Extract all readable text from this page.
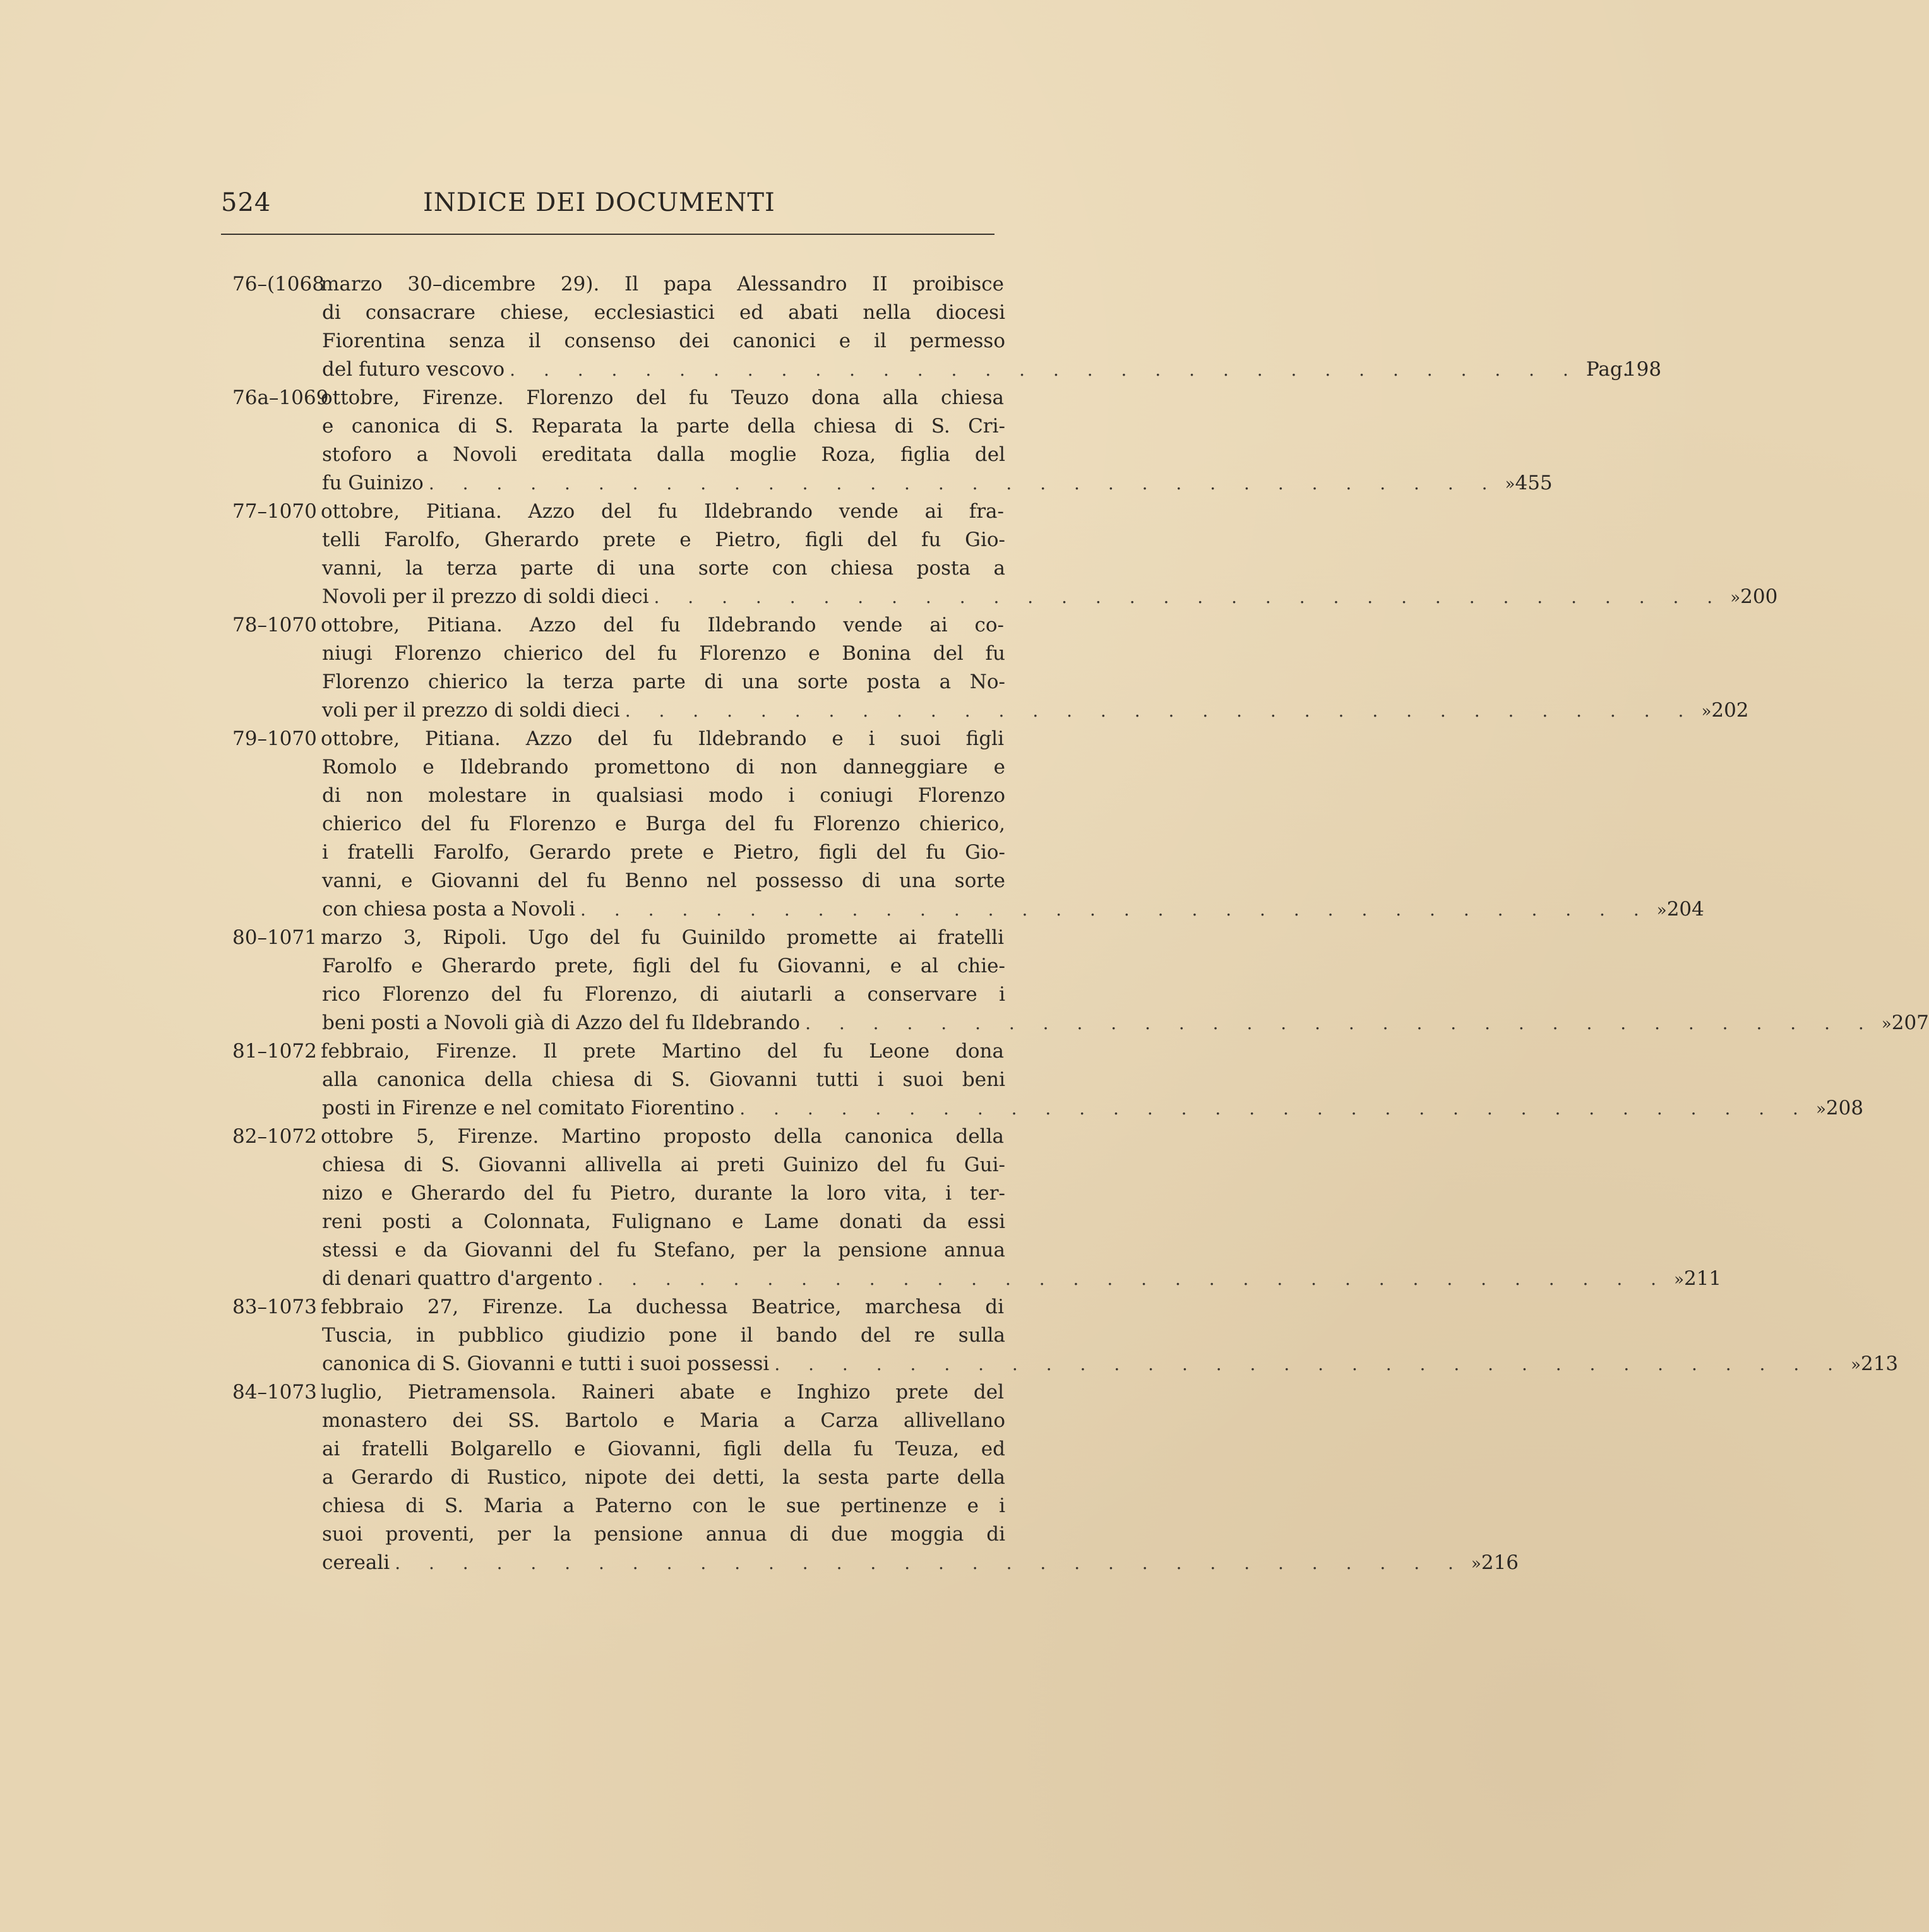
524	INDICE DEI DOCUMENTI
76–(1068
marzo 30–dicembre 29). Il papa Alessandro II proibisce
di consacrare chiese, ecclesiastici ed abati nella diocesi
Fiorentina senza il consenso dei canonici e il permesso
del futuro vescovo . . . . . . . . . . . . . . . . . . . . . . . . . . . . . . . . Pag.
198
76a–1069
ottobre, Firenze. Florenzo del fu Teuzo dona alla chiesa
e canonica di S. Reparata la parte della chiesa di S. Cri-
stoforo a Novoli ereditata dalla moglie Roza, figlia del
fu Guinizo . . . . . . . . . . . . . . . . . . . . . . . . . . . . . . . . » 455
77–1070 ottobre, Pitiana. Azzo del fu Ildebrando vende ai fra-
telli Farolfo, Gherardo prete e Pietro, figli del fu Gio-
vanni, la terza parte di una sorte con chiesa posta a
Novoli per il prezzo di soldi dieci . . . . . . . . . . . . . . . . . . . . . . . . . . . . . . . . » 200
78–1070 ottobre, Pitiana. Azzo del fu Ildebrando vende ai co-
niugi Florenzo chierico del fu Florenzo e Bonina del fu
Florenzo chierico la terza parte di una sorte posta a No-
voli per il prezzo di soldi dieci . . . . . . . . . . . . . . . . . . . . . . . . . . . . . . . . » 202
79–1070 ottobre, Pitiana. Azzo del fu Ildebrando e i suoi figli
Romolo e Ildebrando promettono di non danneggiare e
di non molestare in qualsiasi modo i coniugi Florenzo
chierico del fu Florenzo e Burga del fu Florenzo chierico,
i fratelli Farolfo, Gerardo prete e Pietro, figli del fu Gio-
vanni, e Giovanni del fu Benno nel possesso di una sorte
con chiesa posta a Novoli . . . . . . . . . . . . . . . . . . . . . . . . . . . . . . . . » 204
80–1071 marzo 3, Ripoli. Ugo del fu Guinildo promette ai fratelli
Farolfo e Gherardo prete, figli del fu Giovanni, e al chie-
rico Florenzo del fu Florenzo, di aiutarli a conservare i
beni posti a Novoli già di Azzo del fu Ildebrando . . . . . . . . . . . . . . . . . . . . . . . . . . . . . . . . » 207
81–1072 febbraio, Firenze. Il prete Martino del fu Leone dona
alla canonica della chiesa di S. Giovanni tutti i suoi beni
posti in Firenze e nel comitato Fiorentino . . . . . . . . . . . . . . . . . . . . . . . . . . . . . . . . » 208
82–1072 ottobre 5, Firenze. Martino proposto della canonica della
chiesa di S. Giovanni allivella ai preti Guinizo del fu Gui-
nizo e Gherardo del fu Pietro, durante la loro vita, i ter-
reni posti a Colonnata, Fulignano e Lame donati da essi
stessi e da Giovanni del fu Stefano, per la pensione annua
di denari quattro d'argento . . . . . . . . . . . . . . . . . . . . . . . . . . . . . . . . » 211
83–1073 febbraio 27, Firenze. La duchessa Beatrice, marchesa di
Tuscia, in pubblico giudizio pone il bando del re sulla
canonica di S. Giovanni e tutti i suoi possessi . . . . . . . . . . . . . . . . . . . . . . . . . . . . . . . . » 213
84–1073 luglio, Pietramensola. Raineri abate e Inghizo prete del
monastero dei SS. Bartolo e Maria a Carza allivellano
ai fratelli Bolgarello e Giovanni, figli della fu Teuza, ed
a Gerardo di Rustico, nipote dei detti, la sesta parte della
chiesa di S. Maria a Paterno con le sue pertinenze e i
suoi proventi, per la pensione annua di due moggia di
cereali . . . . . . . . . . . . . . . . . . . . . . . . . . . . . . . . » 216
